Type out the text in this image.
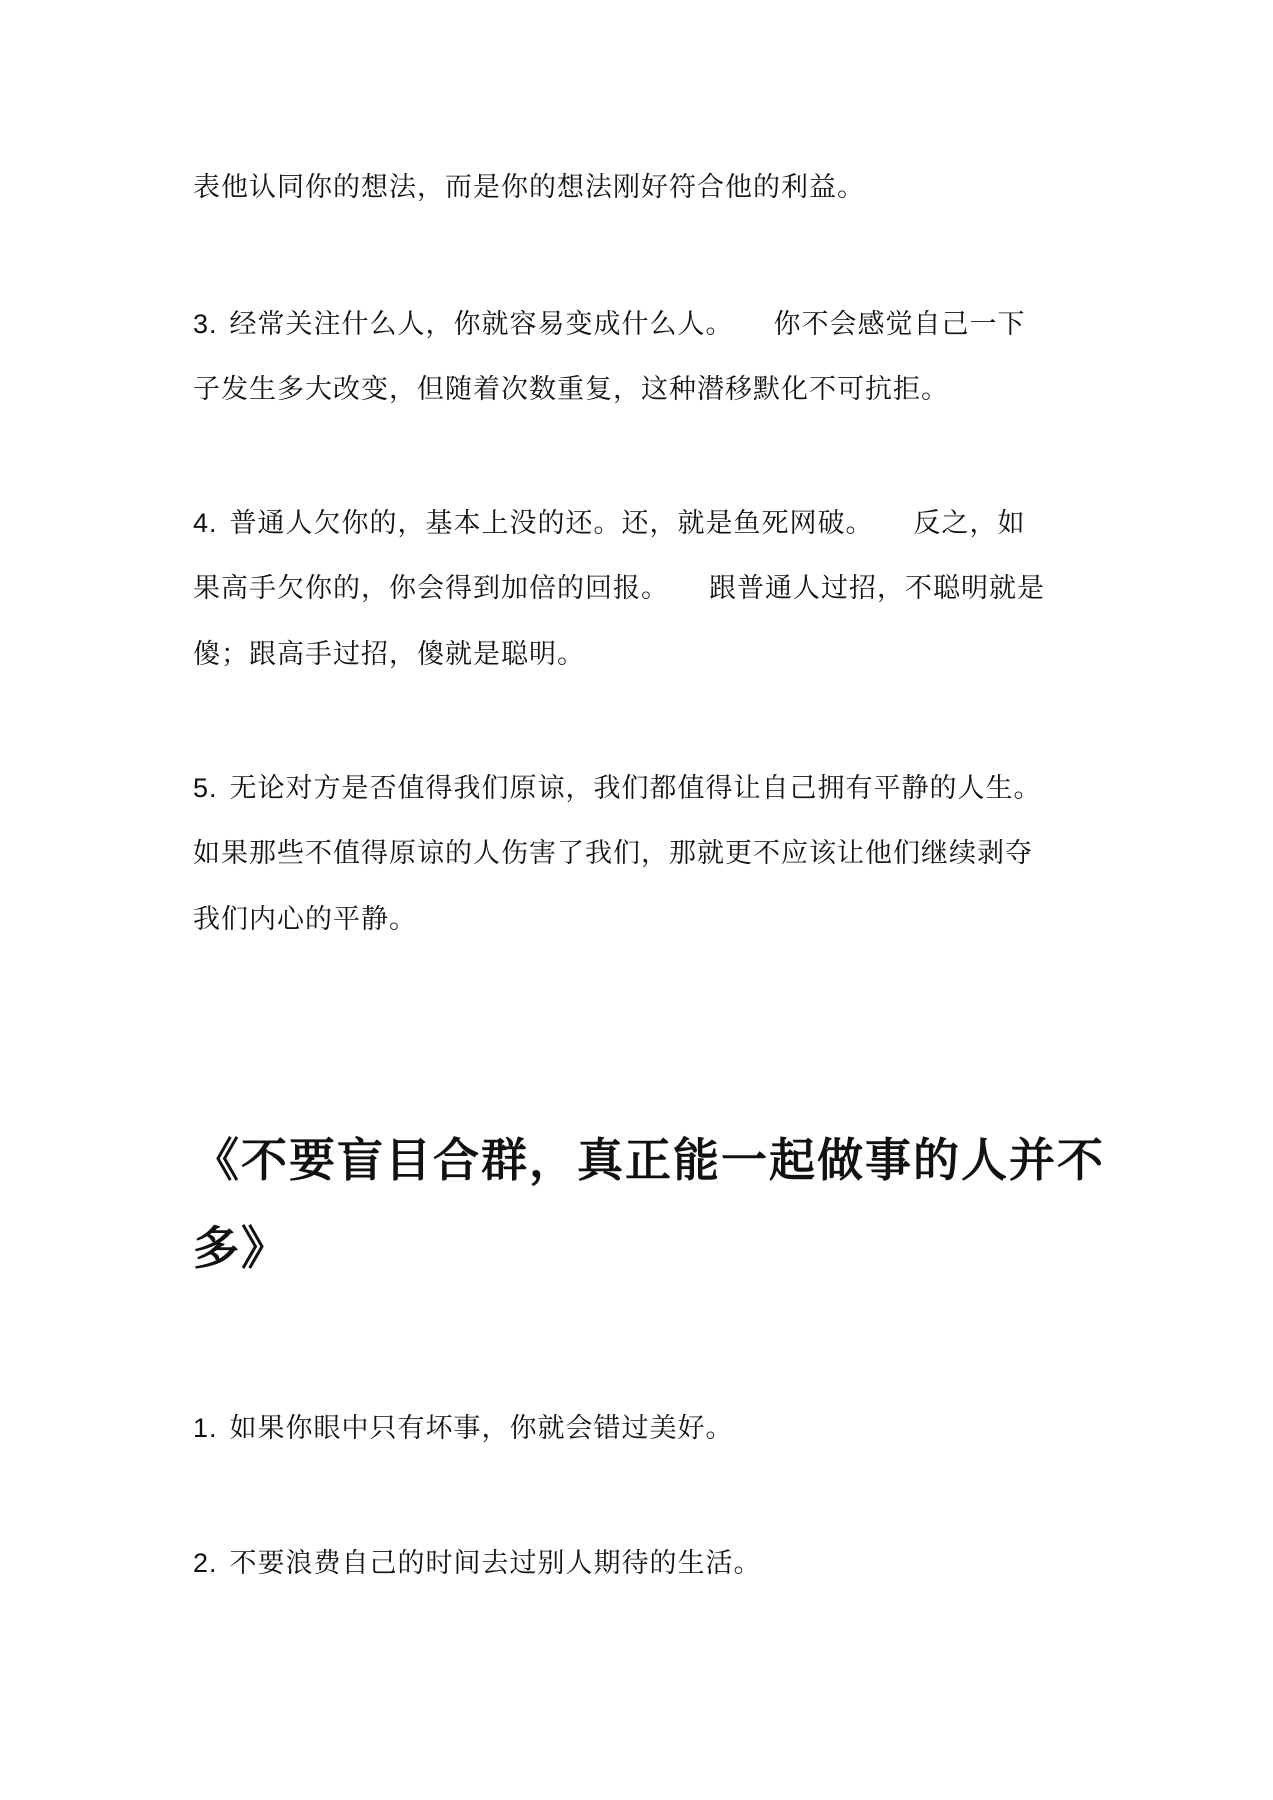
表他认同你的想法，而是你的想法刚好符合他的利益。
3. 经常关注什么人，你就容易变成什么人。 你不会感觉自己一下
子发生多大改变，但随着次数重复，这种潜移默化不可抗拒。
4. 普通人欠你的，基本上没的还。还，就是鱼死网破。 反之，如
果高手欠你的，你会得到加倍的回报。 跟普通人过招，不聪明就是
傻；跟高手过招，傻就是聪明。
5. 无论对方是否值得我们原谅，我们都值得让自己拥有平静的人生。
如果那些不值得原谅的人伤害了我们，那就更不应该让他们继续剥夺
我们内心的平静。
《不要盲目合群，真正能一起做事的人并不
多》
1. 如果你眼中只有坏事，你就会错过美好。
2. 不要浪费自己的时间去过别人期待的生活。
